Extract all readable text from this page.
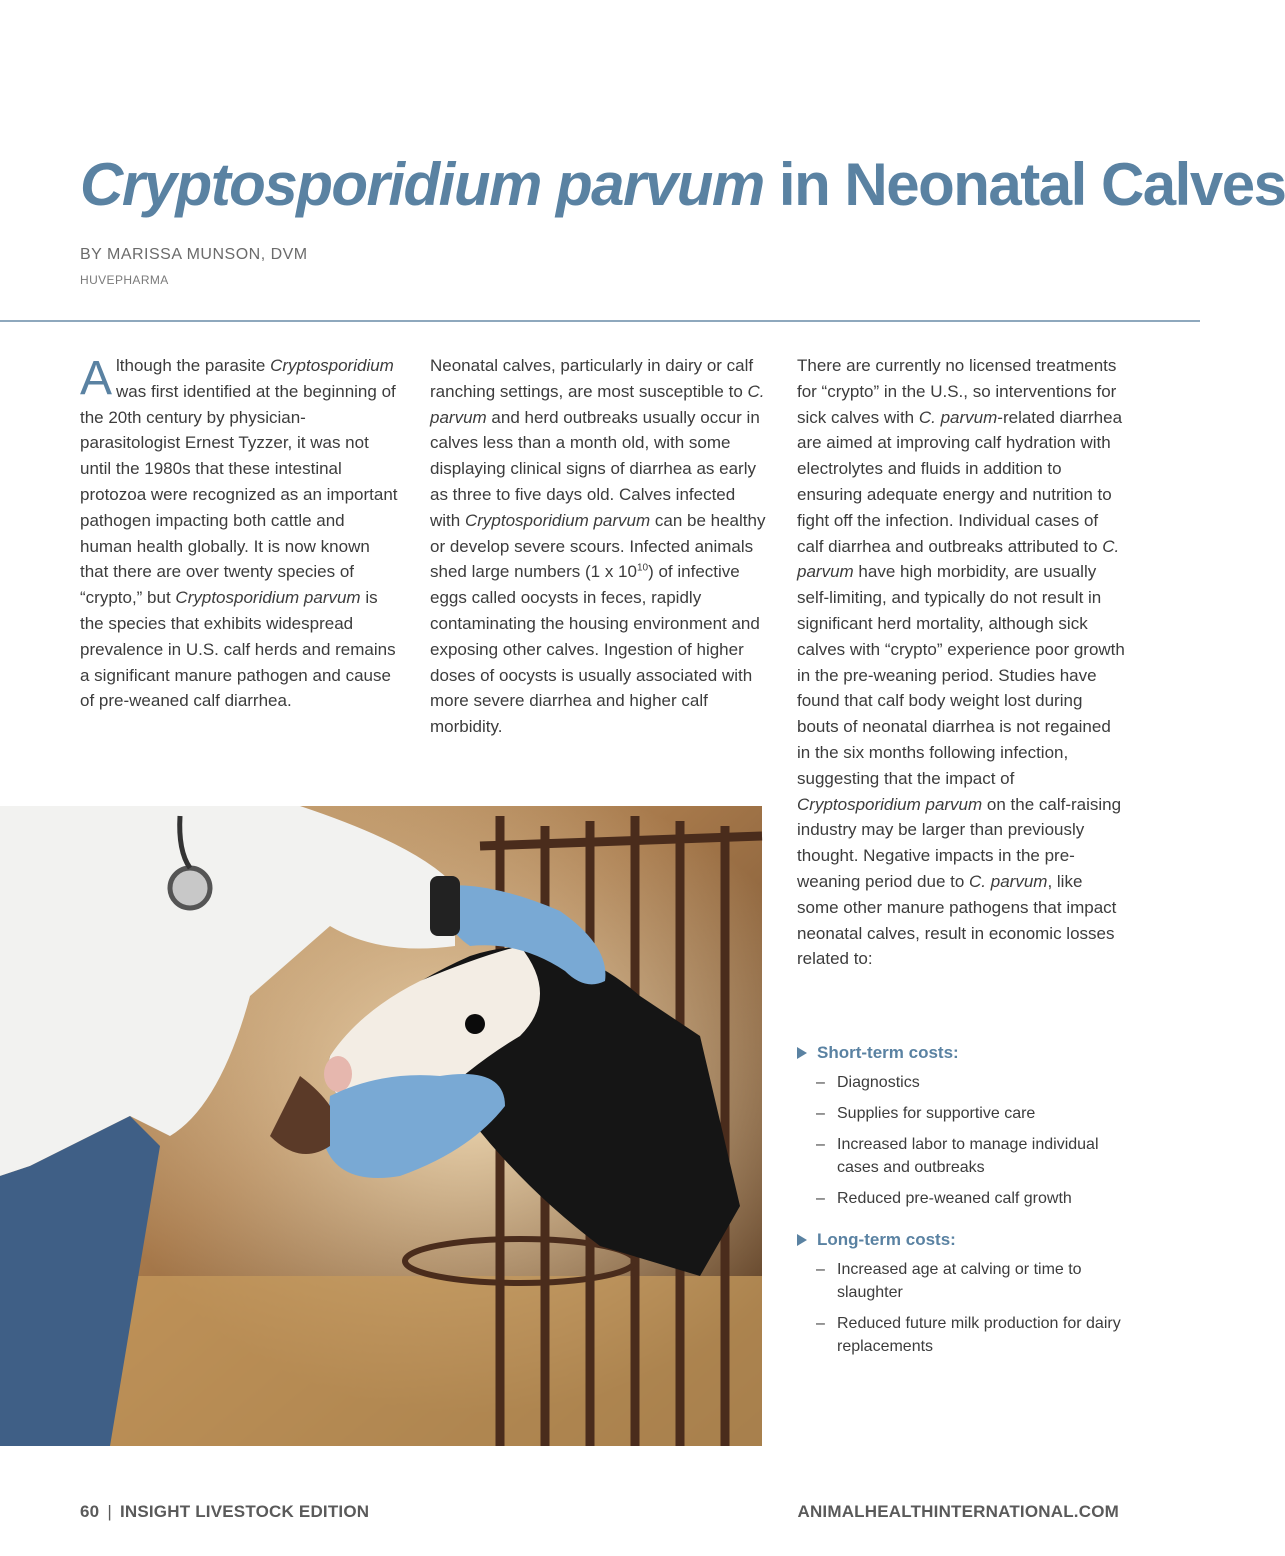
Cryptosporidium parvum in Neonatal Calves
BY MARISSA MUNSON, DVM
HUVEPHARMA

Although the parasite Cryptosporidium was first identified at the beginning of the 20th century by physician-parasitologist Ernest Tyzzer, it was not until the 1980s that these intestinal protozoa were recognized as an important pathogen impacting both cattle and human health globally. It is now known that there are over twenty species of “crypto,” but Cryptosporidium parvum is the species that exhibits widespread prevalence in U.S. calf herds and remains a significant manure pathogen and cause of pre-weaned calf diarrhea.

Neonatal calves, particularly in dairy or calf ranching settings, are most susceptible to C. parvum and herd outbreaks usually occur in calves less than a month old, with some displaying clinical signs of diarrhea as early as three to five days old. Calves infected with Cryptosporidium parvum can be healthy or develop severe scours. Infected animals shed large numbers (1 x $10^{10}$) of infective eggs called oocysts in feces, rapidly contaminating the housing environment and exposing other calves. Ingestion of higher doses of oocysts is usually associated with more severe diarrhea and higher calf morbidity.

There are currently no licensed treatments for “crypto” in the U.S., so interventions for sick calves with C. parvum-related diarrhea are aimed at improving calf hydration with electrolytes and fluids in addition to ensuring adequate energy and nutrition to fight off the infection. Individual cases of calf diarrhea and outbreaks attributed to C. parvum have high morbidity, are usually self-limiting, and typically do not result in significant herd mortality, although sick calves with “crypto” experience poor growth in the pre-weaning period. Studies have found that calf body weight lost during bouts of neonatal diarrhea is not regained in the six months following infection, suggesting that the impact of Cryptosporidium parvum on the calf-raising industry may be larger than previously thought. Negative impacts in the pre-weaning period due to C. parvum, like some other manure pathogens that impact neonatal calves, result in economic losses related to:

Short-term costs:
– Diagnostics
– Supplies for supportive care
– Increased labor to manage individual cases and outbreaks
– Reduced pre-weaned calf growth
Long-term costs:
– Increased age at calving or time to slaughter
– Reduced future milk production for dairy replacements
60 | INSIGHT LIVESTOCK EDITION	ANIMALHEALTHINTERNATIONAL.COM
